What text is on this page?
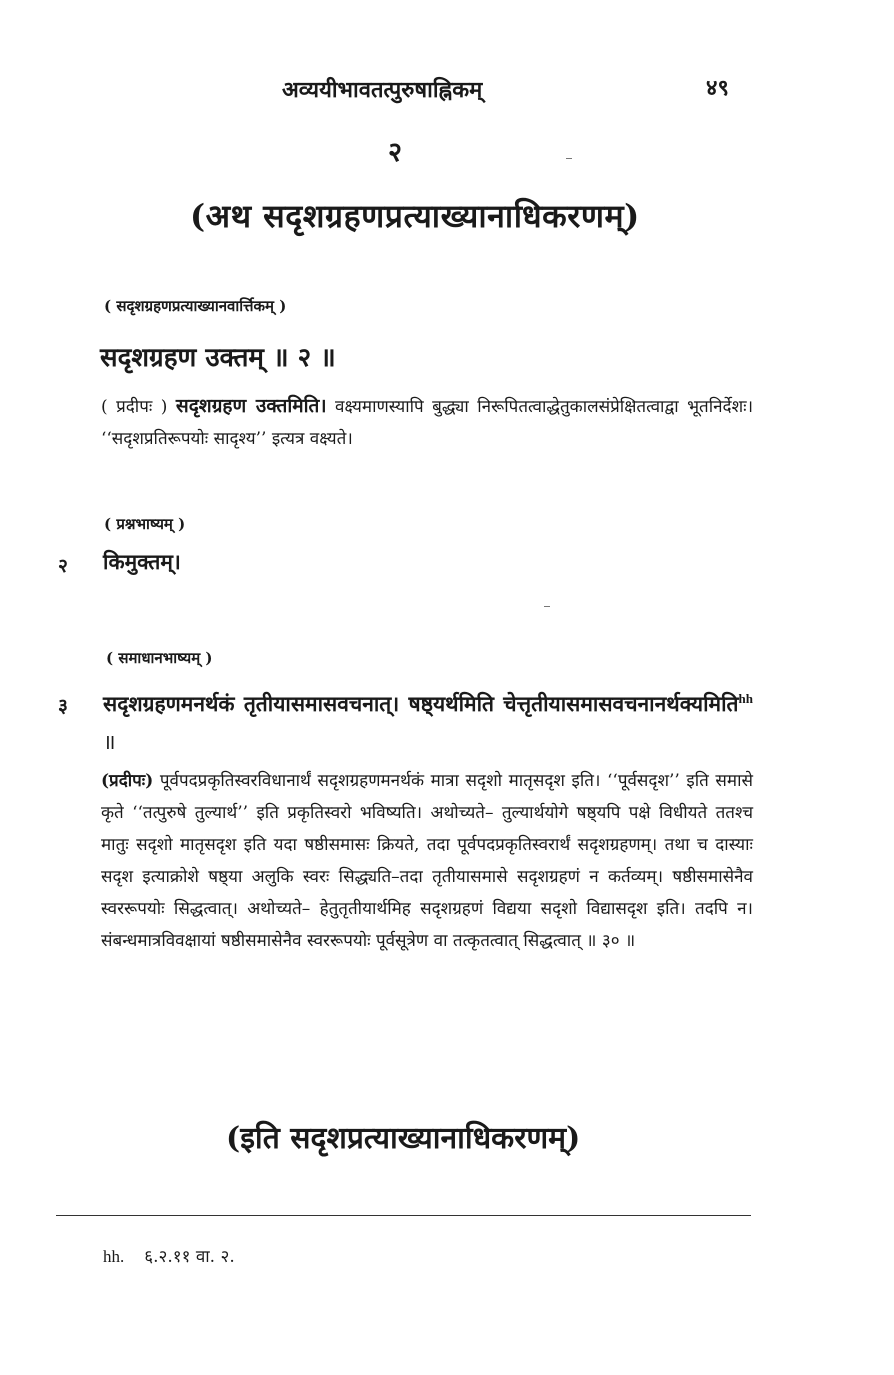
अव्ययीभावतत्पुरुषाह्निकम्	४९
२
(अथ सदृशग्रहणप्रत्याख्यानाधिकरणम्)
( सदृशग्रहणप्रत्याख्यानवार्त्तिकम् )
सदृशग्रहण उक्तम् ॥ २ ॥
( प्रदीपः ) सदृशग्रहण उक्तमिति। वक्ष्यमाणस्यापि बुद्ध्या निरूपितत्वाद्धेतुकालसंप्रेक्षितत्वाद्वा भूतनिर्देशः। ‘‘सदृशप्रतिरूपयोः सादृश्य’’ इत्यत्र वक्ष्यते।
( प्रश्नभाष्यम् )
२ किमुक्तम्।
( समाधानभाष्यम् )
३ सदृशग्रहणमनर्थकं तृतीयासमासवचनात्। षष्ठ्यर्थमिति चेत्तृतीयासमासवचनानर्थक्यमिति$^{hh}$ ॥
(प्रदीपः) पूर्वपदप्रकृतिस्वरविधानार्थं सदृशग्रहणमनर्थकं मात्रा सदृशो मातृसदृश इति। ‘‘पूर्वसदृश’’ इति समासे कृते ‘‘तत्पुरुषे तुल्यार्थ’’ इति प्रकृतिस्वरो भविष्यति। अथोच्यते– तुल्यार्थयोगे षष्ठ्यपि पक्षे विधीयते ततश्च मातुः सदृशो मातृसदृश इति यदा षष्ठीसमासः क्रियते, तदा पूर्वपदप्रकृतिस्वरार्थं सदृशग्रहणम्। तथा च दास्याः सदृश इत्याक्रोशे षष्ठ्या अलुकि स्वरः सिद्ध्यति–तदा तृतीयासमासे सदृशग्रहणं न कर्तव्यम्। षष्ठीसमासेनैव स्वररूपयोः सिद्धत्वात्। अथोच्यते– हेतुतृतीयार्थमिह सदृशग्रहणं विद्यया सदृशो विद्यासदृश इति। तदपि न। संबन्धमात्रविवक्षायां षष्ठीसमासेनैव स्वररूपयोः पूर्वसूत्रेण वा तत्कृतत्वात् सिद्धत्वात् ॥ ३० ॥
(इति सदृशप्रत्याख्यानाधिकरणम्)
hh. ६.२.११ वा. २.
